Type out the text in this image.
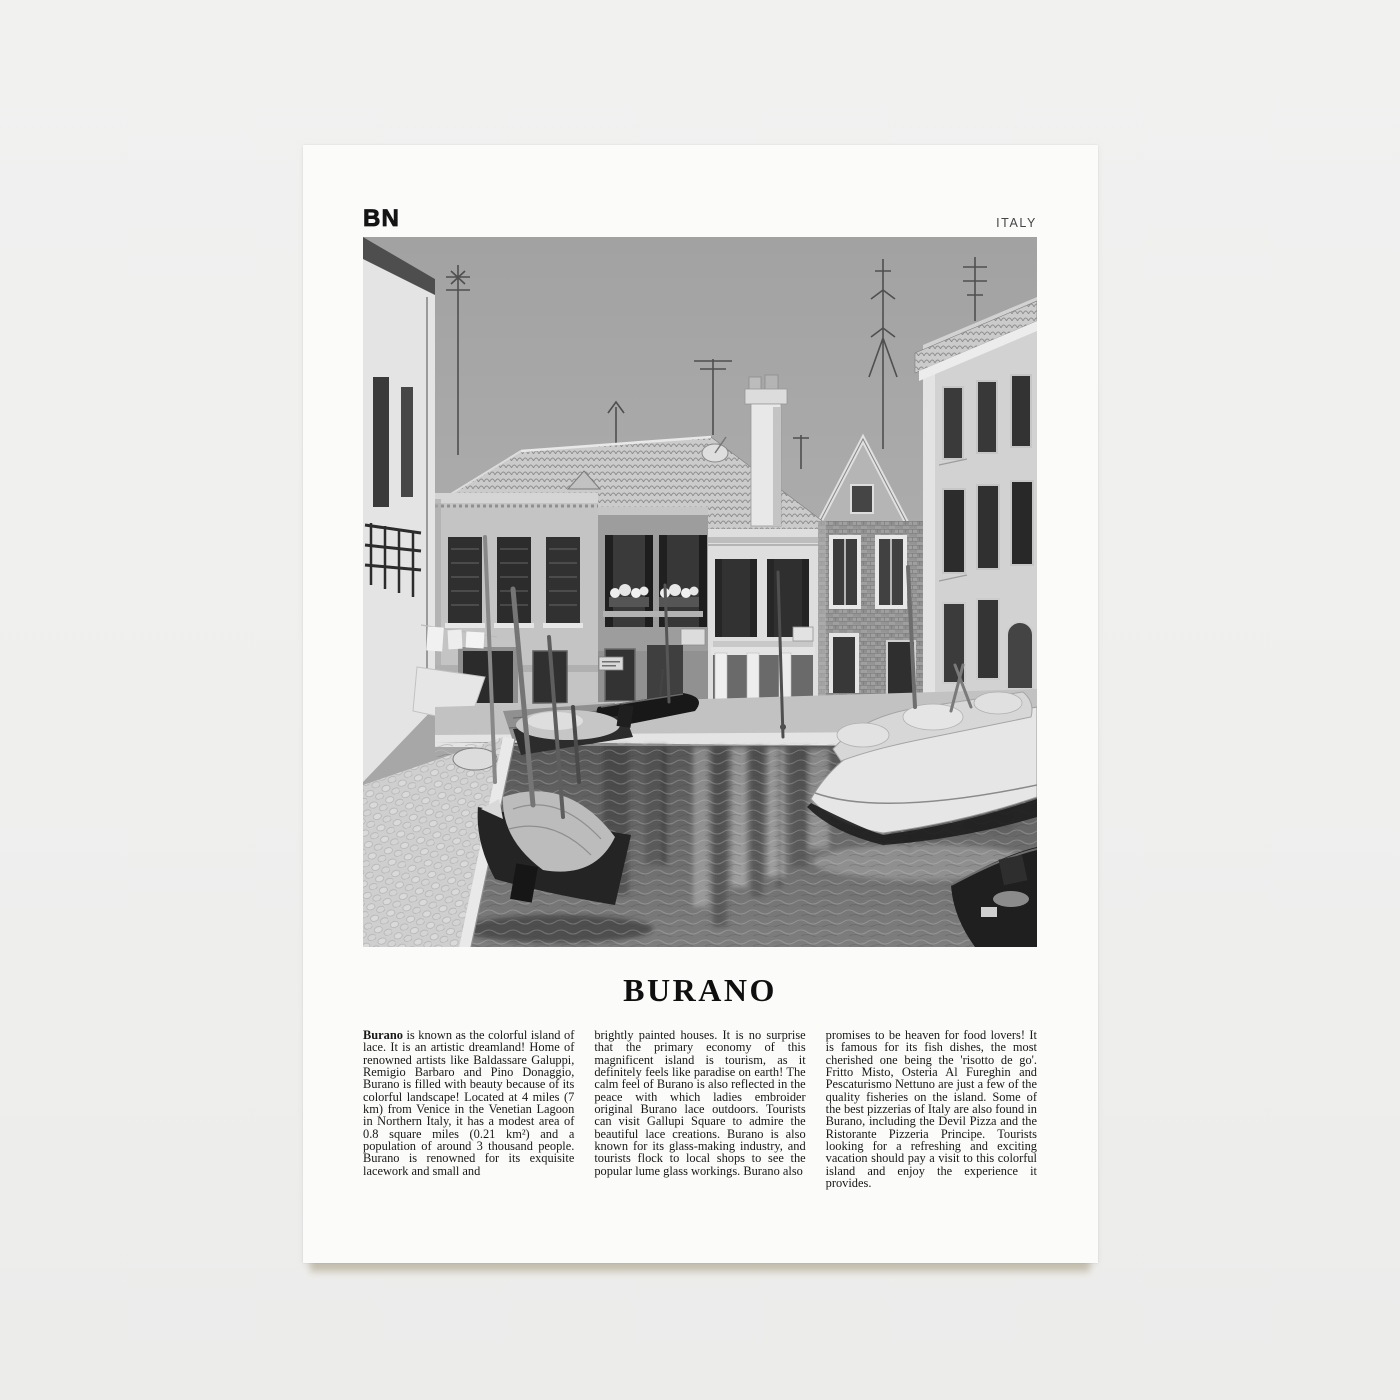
BN	ITALY
BURANO

Burano is known as the colorful island of lace. It is an artistic dreamland! Home of renowned artists like Baldassare Galuppi, Remigio Barbaro and Pino Donaggio, Burano is filled with beauty because of its colorful landscape! Located at 4 miles (7 km) from Venice in the Venetian Lagoon in Northern Italy, it has a modest area of 0.8 square miles (0.21 km²) and a population of around 3 thousand people. Burano is renowned for its exquisite lacework and small and

brightly painted houses. It is no surprise that the primary economy of this magnificent island is tourism, as it definitely feels like paradise on earth! The calm feel of Burano is also reflected in the peace with which ladies embroider original Burano lace outdoors. Tourists can visit Gallupi Square to admire the beautiful lace creations. Burano is also known for its glass-making industry, and tourists flock to local shops to see the popular lume glass workings. Burano also

promises to be heaven for food lovers! It is famous for its fish dishes, the most cherished one being the 'risotto de go'. Fritto Misto, Osteria Al Fureghin and Pescaturismo Nettuno are just a few of the quality fisheries on the island. Some of the best pizzerias of Italy are also found in Burano, including the Devil Pizza and the Ristorante Pizzeria Principe. Tourists looking for a refreshing and exciting vacation should pay a visit to this colorful island and enjoy the experience it provides.
